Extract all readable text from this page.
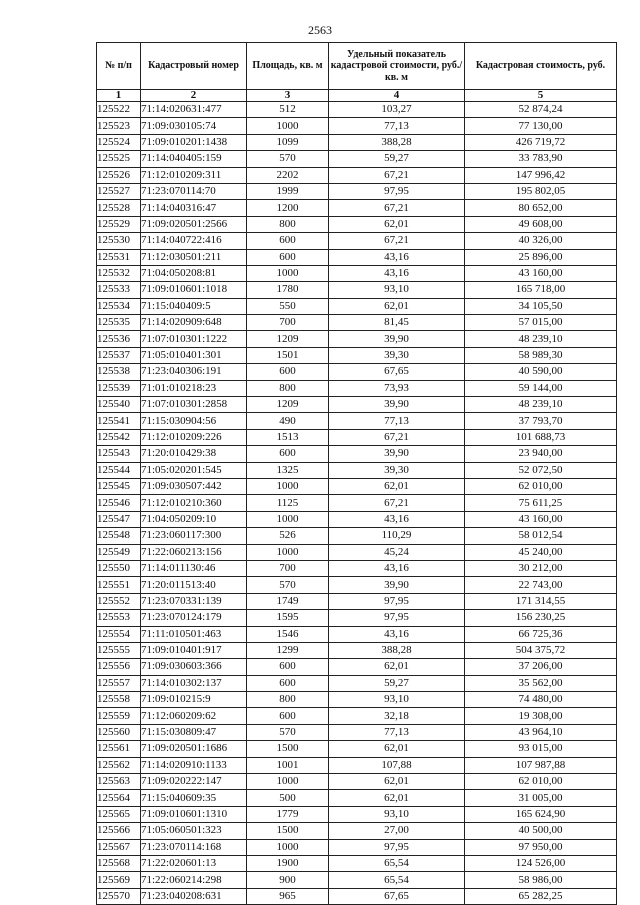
2563
№ п/п	Кадастровый номер	Площадь, кв. м	Удельный показатель кадастровой стоимости, руб./кв. м	Кадастровая стоимость, руб.
1	2	3	4	5
125522	71:14:020631:477	512	103,27	52 874,24
125523	71:09:030105:74	1000	77,13	77 130,00
125524	71:09:010201:1438	1099	388,28	426 719,72
125525	71:14:040405:159	570	59,27	33 783,90
125526	71:12:010209:311	2202	67,21	147 996,42
125527	71:23:070114:70	1999	97,95	195 802,05
125528	71:14:040316:47	1200	67,21	80 652,00
125529	71:09:020501:2566	800	62,01	49 608,00
125530	71:14:040722:416	600	67,21	40 326,00
125531	71:12:030501:211	600	43,16	25 896,00
125532	71:04:050208:81	1000	43,16	43 160,00
125533	71:09:010601:1018	1780	93,10	165 718,00
125534	71:15:040409:5	550	62,01	34 105,50
125535	71:14:020909:648	700	81,45	57 015,00
125536	71:07:010301:1222	1209	39,90	48 239,10
125537	71:05:010401:301	1501	39,30	58 989,30
125538	71:23:040306:191	600	67,65	40 590,00
125539	71:01:010218:23	800	73,93	59 144,00
125540	71:07:010301:2858	1209	39,90	48 239,10
125541	71:15:030904:56	490	77,13	37 793,70
125542	71:12:010209:226	1513	67,21	101 688,73
125543	71:20:010429:38	600	39,90	23 940,00
125544	71:05:020201:545	1325	39,30	52 072,50
125545	71:09:030507:442	1000	62,01	62 010,00
125546	71:12:010210:360	1125	67,21	75 611,25
125547	71:04:050209:10	1000	43,16	43 160,00
125548	71:23:060117:300	526	110,29	58 012,54
125549	71:22:060213:156	1000	45,24	45 240,00
125550	71:14:011130:46	700	43,16	30 212,00
125551	71:20:011513:40	570	39,90	22 743,00
125552	71:23:070331:139	1749	97,95	171 314,55
125553	71:23:070124:179	1595	97,95	156 230,25
125554	71:11:010501:463	1546	43,16	66 725,36
125555	71:09:010401:917	1299	388,28	504 375,72
125556	71:09:030603:366	600	62,01	37 206,00
125557	71:14:010302:137	600	59,27	35 562,00
125558	71:09:010215:9	800	93,10	74 480,00
125559	71:12:060209:62	600	32,18	19 308,00
125560	71:15:030809:47	570	77,13	43 964,10
125561	71:09:020501:1686	1500	62,01	93 015,00
125562	71:14:020910:1133	1001	107,88	107 987,88
125563	71:09:020222:147	1000	62,01	62 010,00
125564	71:15:040609:35	500	62,01	31 005,00
125565	71:09:010601:1310	1779	93,10	165 624,90
125566	71:05:060501:323	1500	27,00	40 500,00
125567	71:23:070114:168	1000	97,95	97 950,00
125568	71:22:020601:13	1900	65,54	124 526,00
125569	71:22:060214:298	900	65,54	58 986,00
125570	71:23:040208:631	965	67,65	65 282,25
